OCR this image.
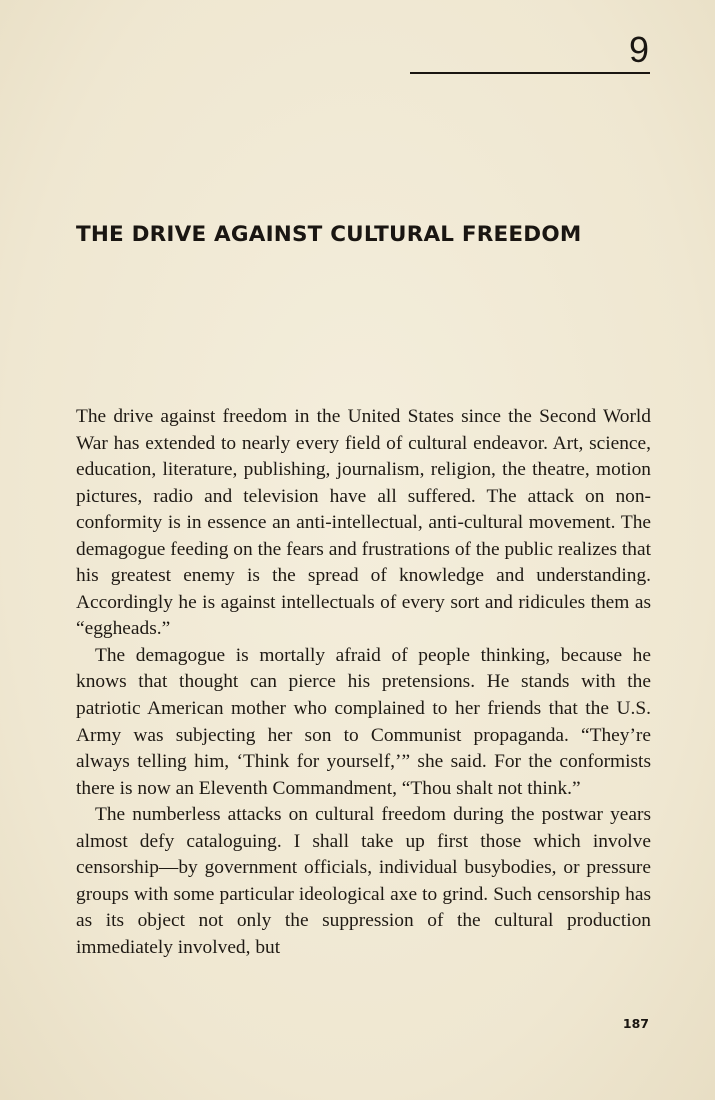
9
THE DRIVE AGAINST CULTURAL FREEDOM

The drive against freedom in the United States since the Second World War has extended to nearly every field of cultural endeavor. Art, science, education, literature, publishing, journalism, religion, the theatre, motion pictures, radio and television have all suffered. The attack on non-conformity is in essence an anti-intellectual, anti-cultural movement. The demagogue feeding on the fears and frustrations of the public realizes that his greatest enemy is the spread of knowledge and understanding. Accordingly he is against intellectuals of every sort and ridicules them as “eggheads.”

The demagogue is mortally afraid of people thinking, because he knows that thought can pierce his pretensions. He stands with the patriotic American mother who complained to her friends that the U.S. Army was subjecting her son to Communist propaganda. “They’re always telling him, ‘Think for yourself,’” she said. For the conformists there is now an Eleventh Commandment, “Thou shalt not think.”

The numberless attacks on cultural freedom during the postwar years almost defy cataloguing. I shall take up first those which involve censorship—by government officials, individual busybodies, or pressure groups with some particular ideological axe to grind. Such censorship has as its object not only the suppression of the cultural production immediately involved, but

187
